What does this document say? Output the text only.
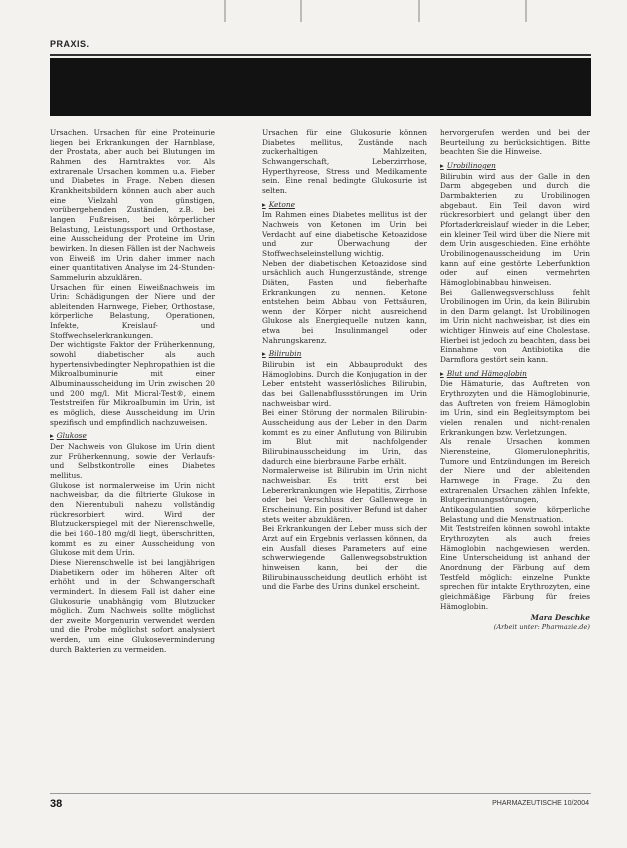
PRAXIS.

Ursachen. Ursachen für eine Proteinurie liegen bei Erkrankungen der Harnblase, der Prostata, aber auch bei Blutungen im Rahmen des Harntraktes vor. Als extrarenale Ursachen kommen u.a. Fieber und Diabetes in Frage. Neben diesen Krankheitsbildern können auch aber auch eine Vielzahl von günstigen, vorübergehenden Zuständen, z.B. bei langen Fußreisen, bei körperlicher Belastung, Leistungssport und Orthostase, eine Ausscheidung der Proteine im Urin bewirken. In diesen Fällen ist der Nachweis von Eiweiß im Urin daher immer nach einer quantitativen Analyse im 24-Stunden-Sammelurin abzuklären.

Ursachen für einen Eiweißnachweis im Urin: Schädigungen der Niere und der ableitenden Harnwege, Fieber, Orthostase, körperliche Belastung, Operationen, Infekte, Kreislauf- und Stoffwechselerkrankungen.

Der wichtigste Faktor der Früherkennung, sowohl diabetischer als auch hypertensivbedingter Nephropathien ist die Mikroalbuminurie mit einer Albuminausscheidung im Urin zwischen 20 und 200 mg/l. Mit Micral-Test®, einem Teststreifen für Mikroalbumin im Urin, ist es möglich, diese Ausscheidung im Urin spezifisch und empfindlich nachzuweisen.

▸ Glukose

Der Nachweis von Glukose im Urin dient zur Früherkennung, sowie der Verlaufs- und Selbstkontrolle eines Diabetes mellitus.

Glukose ist normalerweise im Urin nicht nachweisbar, da die filtrierte Glukose in den Nierentubuli nahezu vollständig rückresorbiert wird. Wird der Blutzuckerspiegel mit der Nierenschwelle, die bei 160–180 mg/dl liegt, überschritten, kommt es zu einer Ausscheidung von Glukose mit dem Urin.

Diese Nierenschwelle ist bei langjährigen Diabetikern oder im höheren Alter oft erhöht und in der Schwangerschaft vermindert. In diesem Fall ist daher eine Glukosurie unabhängig vom Blutzucker möglich. Zum Nachweis sollte möglichst der zweite Morgenurin verwendet werden und die Probe möglichst sofort analysiert werden, um eine Glukoseverminderung durch Bakterien zu vermeiden.

Ursachen für eine Glukosurie können Diabetes mellitus, Zustände nach zuckerhaltigen Mahlzeiten, Schwangerschaft, Leberzirrhose, Hyperthyreose, Stress und Medikamente sein. Eine renal bedingte Glukosurie ist selten.

▸ Ketone

Im Rahmen eines Diabetes mellitus ist der Nachweis von Ketonen im Urin bei Verdacht auf eine diabetische Ketoazidose und zur Überwachung der Stoffwechseleinstellung wichtig.

Neben der diabetischen Ketoazidose sind ursächlich auch Hungerzustände, strenge Diäten, Fasten und fieberhafte Erkrankungen zu nennen. Ketone entstehen beim Abbau von Fettsäuren, wenn der Körper nicht ausreichend Glukose als Energiequelle nutzen kann, etwa bei Insulinmangel oder Nahrungskarenz.

▸ Bilirubin

Bilirubin ist ein Abbauprodukt des Hämoglobins. Durch die Konjugation in der Leber entsteht wasserlösliches Bilirubin, das bei Gallenabflussstörungen im Urin nachweisbar wird.

Bei einer Störung der normalen Bilirubin-Ausscheidung aus der Leber in den Darm kommt es zu einer Anflutung von Bilirubin im Blut mit nachfolgender Bilirubinausscheidung im Urin, das dadurch eine bierbraune Farbe erhält.

Normalerweise ist Bilirubin im Urin nicht nachweisbar. Es tritt erst bei Lebererkrankungen wie Hepatitis, Zirrhose oder bei Verschluss der Gallenwege in Erscheinung. Ein positiver Befund ist daher stets weiter abzuklären.

Bei Erkrankungen der Leber muss sich der Arzt auf ein Ergebnis verlassen können, da ein Ausfall dieses Parameters auf eine schwerwiegende Gallenwegsobstruktion hinweisen kann, bei der die Bilirubinausscheidung deutlich erhöht ist und die Farbe des Urins dunkel erscheint.

hervorgerufen werden und bei der Beurteilung zu berücksichtigen. Bitte beachten Sie die Hinweise.

▸ Urobilinogen

Bilirubin wird aus der Galle in den Darm abgegeben und durch die Darmbakterien zu Urobilinogen abgebaut. Ein Teil davon wird rückresorbiert und gelangt über den Pfortaderkreislauf wieder in die Leber, ein kleiner Teil wird über die Niere mit dem Urin ausgeschieden. Eine erhöhte Urobilinogenausscheidung im Urin kann auf eine gestörte Leberfunktion oder auf einen vermehrten Hämoglobinabbau hinweisen.

Bei Gallenwegsverschluss fehlt Urobilinogen im Urin, da kein Bilirubin in den Darm gelangt. Ist Urobilinogen im Urin nicht nachweisbar, ist dies ein wichtiger Hinweis auf eine Cholestase. Hierbei ist jedoch zu beachten, dass bei Einnahme von Antibiotika die Darmflora gestört sein kann.

▸ Blut und Hämoglobin

Die Hämaturie, das Auftreten von Erythrozyten und die Hämoglobinurie, das Auftreten von freiem Hämoglobin im Urin, sind ein Begleitsymptom bei vielen renalen und nicht-renalen Erkrankungen bzw. Verletzungen.

Als renale Ursachen kommen Nierensteine, Glomerulonephritis, Tumore und Entzündungen im Bereich der Niere und der ableitenden Harnwege in Frage. Zu den extrarenalen Ursachen zählen Infekte, Blutgerinnungsstörungen, Antikoagulantien sowie körperliche Belastung und die Menstruation.

Mit Teststreifen können sowohl intakte Erythrozyten als auch freies Hämoglobin nachgewiesen werden. Eine Unterscheidung ist anhand der Anordnung der Färbung auf dem Testfeld möglich: einzelne Punkte sprechen für intakte Erythrozyten, eine gleichmäßige Färbung für freies Hämoglobin.

Mara Deschke
(Arbeit unter: Pharmazie.de)
38	PHARMAZEUTISCHE 10/2004
